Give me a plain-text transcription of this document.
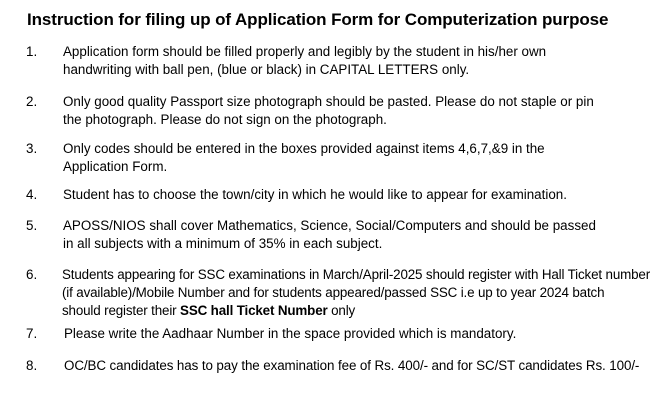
Instruction for filing up of Application Form for Computerization purpose
1. Application form should be filled properly and legibly by the student in his/her own
handwriting with ball pen, (blue or black) in CAPITAL LETTERS only.
2. Only good quality Passport size photograph should be pasted. Please do not staple or pin
the photograph. Please do not sign on the photograph.
3. Only codes should be entered in the boxes provided against items 4,6,7,&9 in the
Application Form.
4. Student has to choose the town/city in which he would like to appear for examination.
5. APOSS/NIOS shall cover Mathematics, Science, Social/Computers and should be passed
in all subjects with a minimum of 35% in each subject.
6. Students appearing for SSC examinations in March/April-2025 should register with Hall Ticket number
(if available)/Mobile Number and for students appeared/passed SSC i.e up to year 2024 batch
should register their SSC hall Ticket Number only
7. Please write the Aadhaar Number in the space provided which is mandatory.
8. OC/BC candidates has to pay the examination fee of Rs. 400/- and for SC/ST candidates Rs. 100/-
